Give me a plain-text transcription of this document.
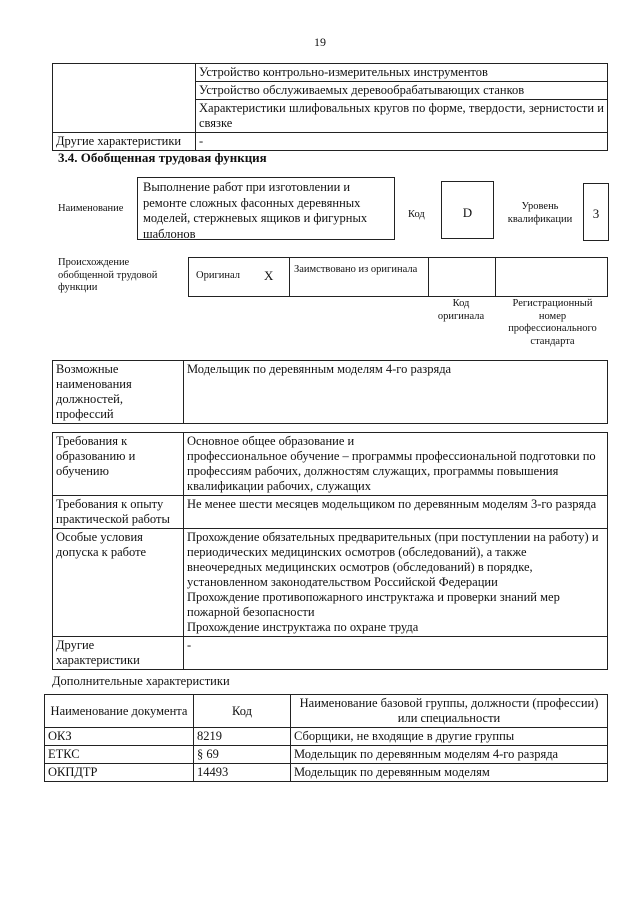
19
	Устройство контрольно-измерительных инструментов
	Устройство обслуживаемых деревообрабатывающих станков
	Характеристики шлифовальных кругов по форме, твердости, зернистости и связке
Другие характеристики	-
3.4. Обобщенная трудовая функция
Наименование
Выполнение работ при изготовлении и ремонте сложных фасонных деревянных моделей, стержневых ящиков и фигурных шаблонов
Код	D	Уровень квалификации	3
Происхождение обобщенной трудовой функции
Оригинал X Заимствовано из оригинала
Код оригинала
Регистрационный номер профессионального стандарта
Возможные наименования должностей, профессий	Модельщик по деревянным моделям 4-го разряда
Требования к образованию и обучению	Основное общее образование и
профессиональное обучение – программы профессиональной подготовки по профессиям рабочих, должностям служащих, программы повышения квалификации рабочих, служащих
Требования к опыту практической работы	Не менее шести месяцев модельщиком по деревянным моделям 3-го разряда
Особые условия допуска к работе	Прохождение обязательных предварительных (при поступлении на работу) и периодических медицинских осмотров (обследований), а также внеочередных медицинских осмотров (обследований) в порядке, установленном законодательством Российской Федерации
Прохождение противопожарного инструктажа и проверки знаний мер пожарной безопасности
Прохождение инструктажа по охране труда
Другие характеристики	-
Дополнительные характеристики
Наименование документа	Код	Наименование базовой группы, должности (профессии) или специальности
ОКЗ	8219	Сборщики, не входящие в другие группы
ЕТКС	§ 69	Модельщик по деревянным моделям 4-го разряда
ОКПДТР	14493	Модельщик по деревянным моделям
